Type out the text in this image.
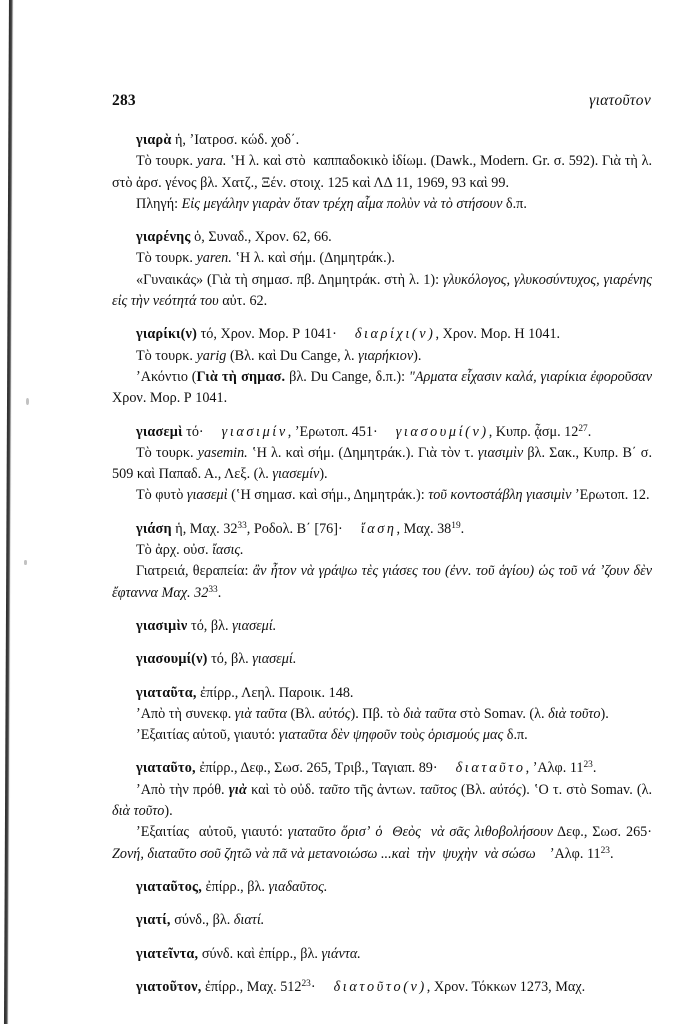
283	γιατοῦτον

γιαρὰ ἡ, ʼΙατροσ. κώδ. χοδ΄.

Τὸ τουρκ. yara. ʽΗ λ. καὶ στὸ  καππαδοκικὸ ἰδίωμ. (Dawk., Modern. Gr. σ. 592). Γιὰ τὴ λ. στὸ ἀρσ. γένος βλ. Χατζ., Ξέν. στοιχ. 125 καὶ ΛΔ 11, 1969, 93 καὶ 99.

Πληγή: Εἰς μεγάλην γιαρὰν ὅταν τρέχη αἷμα πολὺν νὰ τὸ στήσουν δ.π.

γιαρένης ὁ, Συναδ., Χρον. 62, 66.

Τὸ τουρκ. yaren. ʽΗ λ. καὶ σήμ. (Δημητράκ.).

«Γυναικάς» (Γιὰ τὴ σημασ. πβ. Δημητράκ. στὴ λ. 1): γλυκόλογος, γλυκοσύντυχος, γιαρένης εἰς τὴν νεότητά του αὐτ. 62.

γιαρίκι(ν) τό, Χρον. Μορ. Ρ 1041· διαρίχι(ν), Χρον. Μορ. Η 1041.

Τὸ τουρκ. yarig (Βλ. καὶ Du Cange, λ. γιαρήκιον).

ʼΑκόντιο (Γιὰ τὴ σημασ. βλ. Du Cange, δ.π.): "Αρματα εἶχασιν καλά, γιαρίκια ἐφοροῦσαν Χρον. Μορ. Ρ 1041.

γιασεμὶ τό· γιασιμίν, ʼΕρωτοπ. 451· γιασουμί(ν), Κυπρ. ᾆσμ. $12^{27}$.

Τὸ τουρκ. yasemin. ʽΗ λ. καὶ σήμ. (Δημητράκ.). Γιὰ τὸν τ. γιασιμὶν βλ. Σακ., Κυπρ. Β΄ σ. 509 καὶ Παπαδ. Α., Λεξ. (λ. γιασεμίν).

Τὸ φυτὸ γιασεμὶ (ʽΗ σημασ. καὶ σήμ., Δημητράκ.): τοῦ κοντοστάβλη γιασιμὶν ʼΕρωτοπ. 12.

γιάση ἡ, Μαχ. $32^{33}$, Ροδολ. Β΄ [76]· ἴαση, Μαχ. $38^{19}$.

Τὸ ἀρχ. οὐσ. ἴασις.

Γιατρειά, θεραπεία: ἂν ἦτον νὰ γράψω τὲς γιάσες του (ἐνν. τοῦ ἁγίου) ὡς τοῦ νά ʼζουν δὲν ἔφταννα Μαχ. $32^{33}$.

γιασιμὶν τό, βλ. γιασεμί.

γιασουμί(ν) τό, βλ. γιασεμί.

γιαταῦτα, ἐπίρρ., Λεηλ. Παροικ. 148.

ʼΑπὸ τὴ συνεκφ. γιὰ ταῦτα (Βλ. αὐτός). Πβ. τὸ διὰ ταῦτα στὸ Somav. (λ. διὰ τοῦτο).

ʼΕξαιτίας αὐτοῦ, γιαυτό: γιαταῦτα δὲν ψηφοῦν τοὺς ὁρισμούς μας δ.π.

γιαταῦτο, ἐπίρρ., Δεφ., Σωσ. 265, Τριβ., Ταγιαπ. 89· διαταῦτο, ʼΑλφ. $11^{23}$.

ʼΑπὸ τὴν πρόθ. γιὰ καὶ τὸ οὐδ. ταῦτο τῆς ἀντων. ταῦτος (Βλ. αὐτός). ʽΟ τ. στὸ Somav. (λ. διὰ τοῦτο).

ʼΕξαιτίας  αὐτοῦ, γιαυτό: γιαταῦτο ὅρισʼ ὁ  Θεὸς  νὰ σᾶς λιθοβολήσουν Δεφ., Σωσ. 265· Ζονή, διαταῦτο σοῦ ζητῶ νὰ πᾶ νὰ μετανοιώσω ...καὶ  τὴν  ψυχὴν  νὰ σώσω    ʼΑλφ. $11^{23}$.

γιαταῦτος, ἐπίρρ., βλ. γιαδαῦτος.

γιατί, σύνδ., βλ. διατί.

γιατεῖντα, σύνδ. καὶ ἐπίρρ., βλ. γιάντα.

γιατοῦτον, ἐπίρρ., Μαχ. $512^{23}\cdot$ διατοῦτο(ν), Χρον. Τόκκων 1273, Μαχ.
